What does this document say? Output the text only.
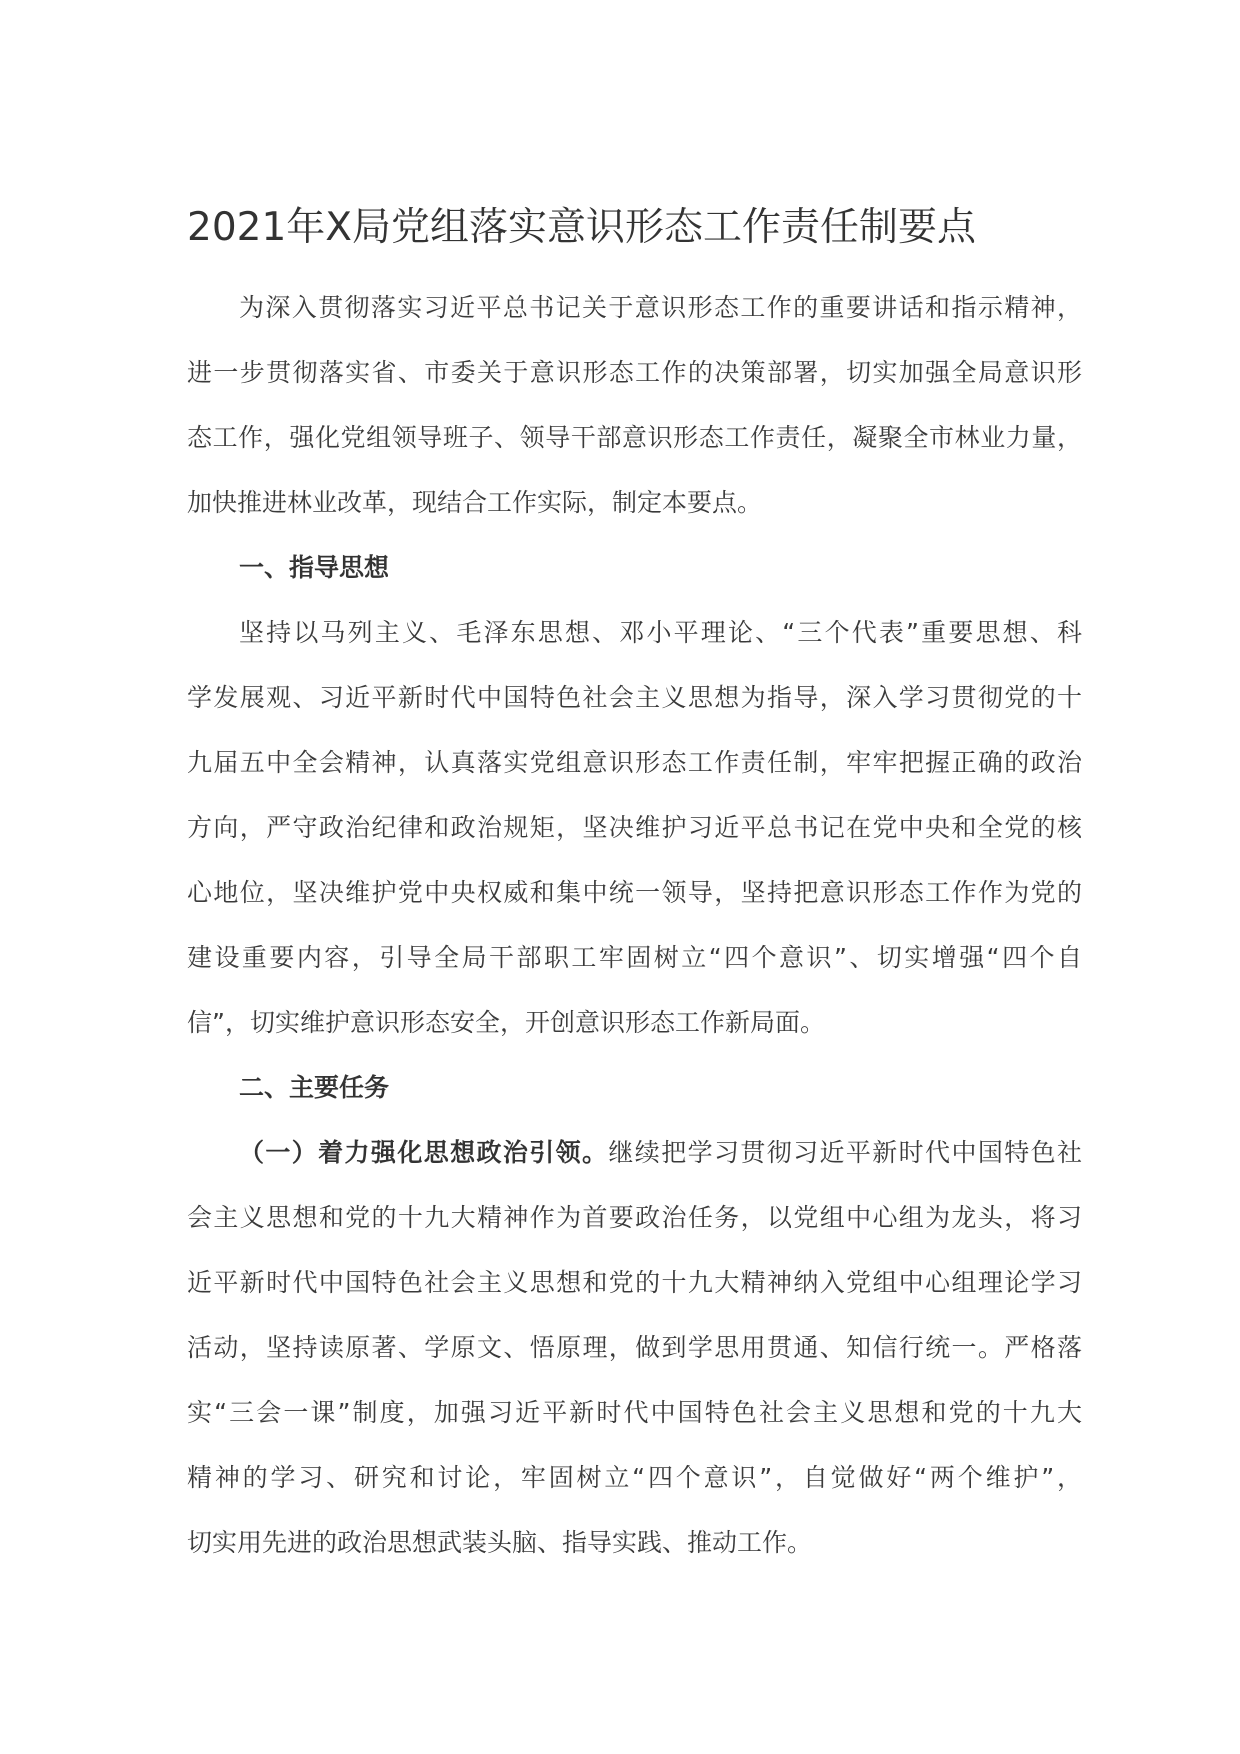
2021年X局党组落实意识形态工作责任制要点
为深入贯彻落实习近平总书记关于意识形态工作的重要讲话和指示精神，
进一步贯彻落实省、市委关于意识形态工作的决策部署，切实加强全局意识形
态工作，强化党组领导班子、领导干部意识形态工作责任，凝聚全市林业力量，
加快推进林业改革，现结合工作实际，制定本要点。
一、指导思想
坚持以马列主义、毛泽东思想、邓小平理论、“三个代表”重要思想、科
学发展观、习近平新时代中国特色社会主义思想为指导，深入学习贯彻党的十
九届五中全会精神，认真落实党组意识形态工作责任制，牢牢把握正确的政治
方向，严守政治纪律和政治规矩，坚决维护习近平总书记在党中央和全党的核
心地位，坚决维护党中央权威和集中统一领导，坚持把意识形态工作作为党的
建设重要内容，引导全局干部职工牢固树立“四个意识”、切实增强“四个自
信”，切实维护意识形态安全，开创意识形态工作新局面。
二、主要任务
（一）着力强化思想政治引领。继续把学习贯彻习近平新时代中国特色社
会主义思想和党的十九大精神作为首要政治任务，以党组中心组为龙头，将习
近平新时代中国特色社会主义思想和党的十九大精神纳入党组中心组理论学习
活动，坚持读原著、学原文、悟原理，做到学思用贯通、知信行统一。严格落
实“三会一课”制度，加强习近平新时代中国特色社会主义思想和党的十九大
精神的学习、研究和讨论，牢固树立“四个意识”，自觉做好“两个维护”，
切实用先进的政治思想武装头脑、指导实践、推动工作。
